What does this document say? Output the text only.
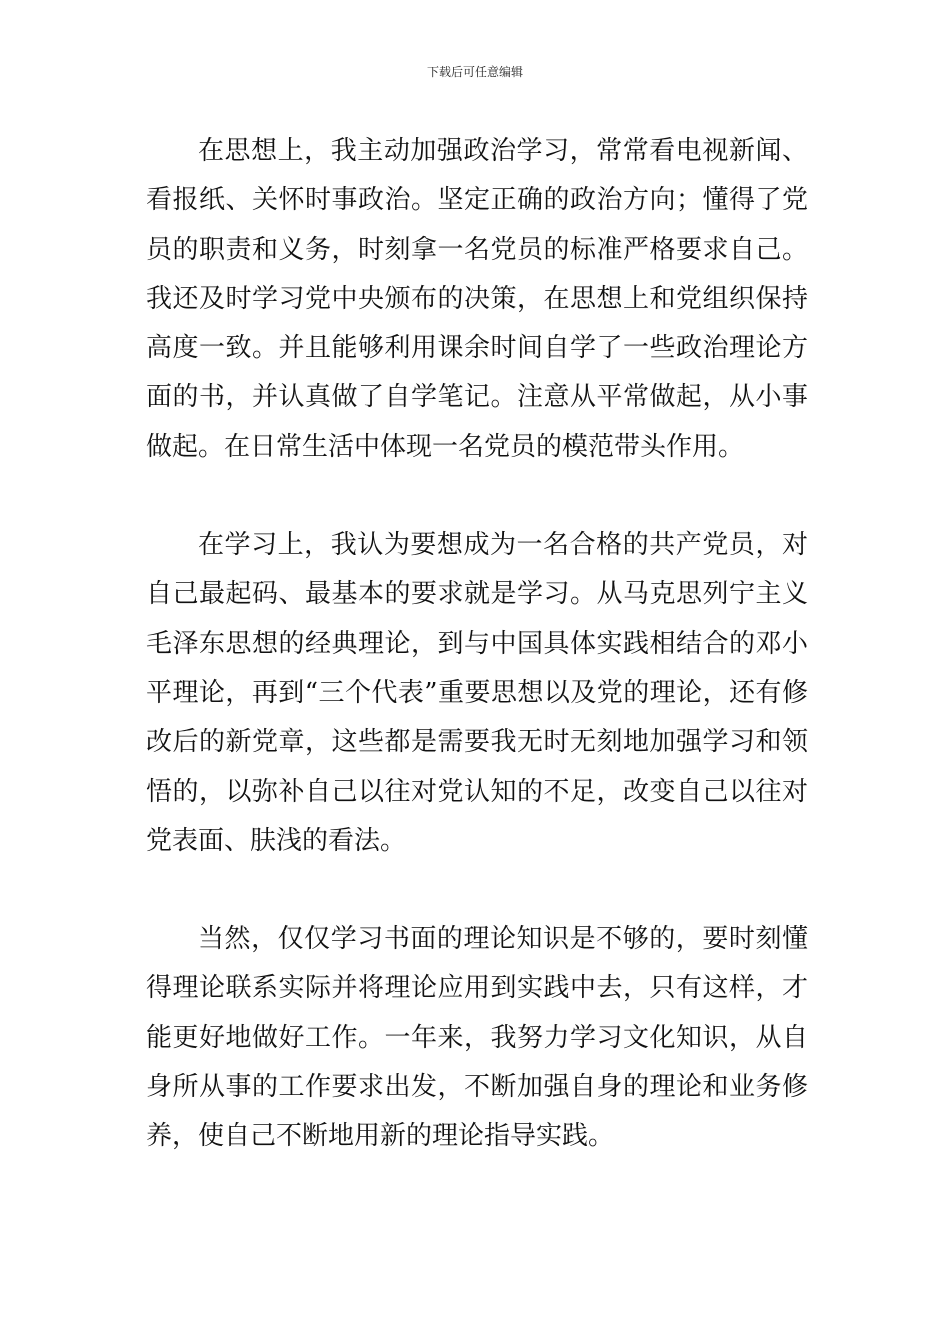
下载后可任意编辑

在思想上，我主动加强政治学习，常常看电视新闻、看报纸、关怀时事政治。坚定正确的政治方向；懂得了党员的职责和义务，时刻拿一名党员的标准严格要求自己。我还及时学习党中央颁布的决策，在思想上和党组织保持高度一致。并且能够利用课余时间自学了一些政治理论方面的书，并认真做了自学笔记。注意从平常做起，从小事做起。在日常生活中体现一名党员的模范带头作用。

在学习上，我认为要想成为一名合格的共产党员，对自己最起码、最基本的要求就是学习。从马克思列宁主义毛泽东思想的经典理论，到与中国具体实践相结合的邓小平理论，再到“三个代表”重要思想以及党的理论，还有修改后的新党章，这些都是需要我无时无刻地加强学习和领悟的，以弥补自己以往对党认知的不足，改变自己以往对党表面、肤浅的看法。

当然，仅仅学习书面的理论知识是不够的，要时刻懂得理论联系实际并将理论应用到实践中去，只有这样，才能更好地做好工作。一年来，我努力学习文化知识，从自身所从事的工作要求出发，不断加强自身的理论和业务修养，使自己不断地用新的理论指导实践。
